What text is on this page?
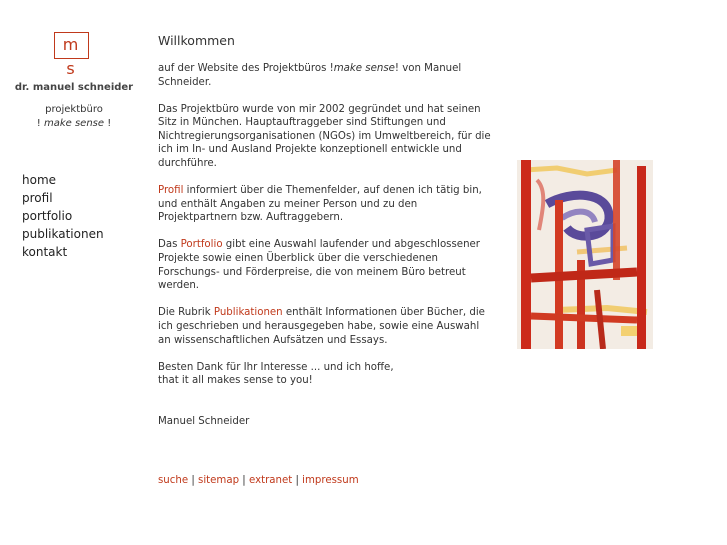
m s
dr. manuel schneider
projektbüro
! make sense !
home
profil
portfolio
publikationen
kontakt
Willkommen

auf der Website des Projektbüros !make sense! von Manuel Schneider.

Das Projektbüro wurde von mir 2002 gegründet und hat seinen Sitz in München. Hauptauftraggeber sind Stiftungen und Nichtregierungsorganisationen (NGOs) im Umweltbereich, für die ich im In- und Ausland Projekte konzeptionell entwickle und durchführe.

Profil informiert über die Themenfelder, auf denen ich tätig bin, und enthält Angaben zu meiner Person und zu den Projektpartnern bzw. Auftraggebern.

Das Portfolio gibt eine Auswahl laufender und abgeschlossener Projekte sowie einen Überblick über die verschiedenen Forschungs- und Förderpreise, die von meinem Büro betreut werden.

Die Rubrik Publikationen enthält Informationen über Bücher, die ich geschrieben und herausgegeben habe, sowie eine Auswahl an wissenschaftlichen Aufsätzen und Essays.

Besten Dank für Ihr Interesse ... und ich hoffe,
that it all makes sense to you!

Manuel Schneider

suche | sitemap | extranet | impressum
